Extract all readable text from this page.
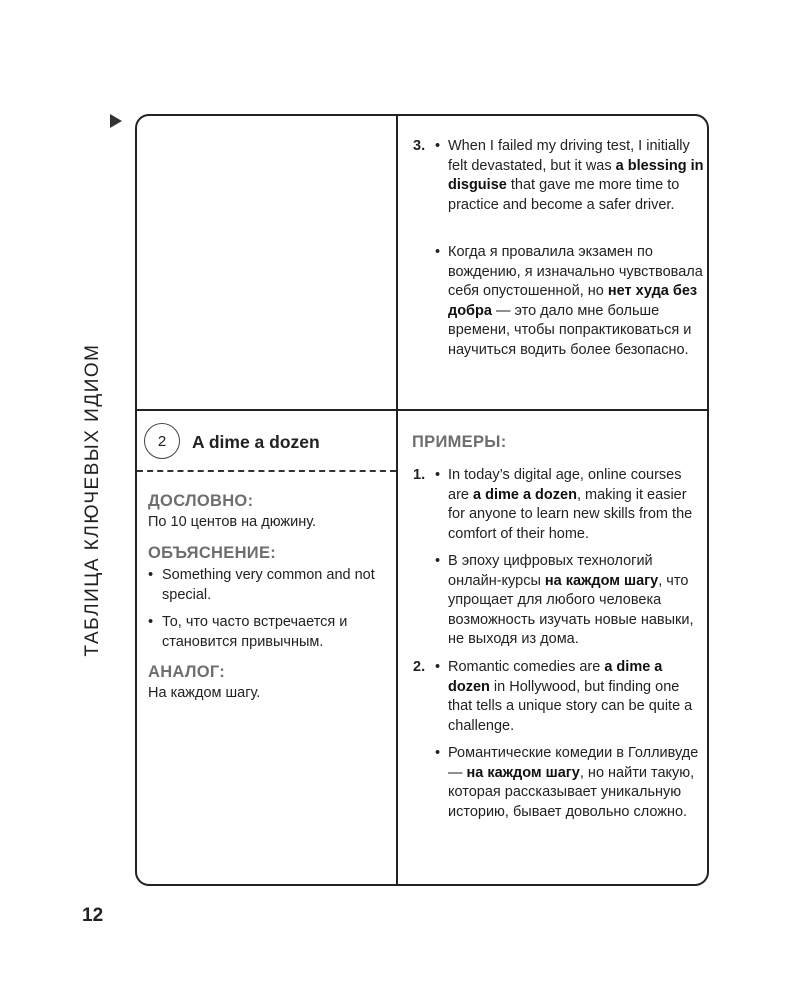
ТАБЛИЦА КЛЮЧЕВЫХ ИДИОМ
12
3. • When I failed my driving test, I initially felt devastated, but it was a blessing in disguise that gave me more time to practice and become a safer driver.
• Когда я провалила экзамен по вождению, я изначально чувствовала себя опустошенной, но нет худа без добра — это дало мне больше времени, чтобы попрактиковаться и научиться водить более безопасно.
2	A dime a dozen
ДОСЛОВНО:
По 10 центов на дюжину.
ОБЪЯСНЕНИЕ:
• Something very common and not special.
• То, что часто встречается и становится привычным.
АНАЛОГ:
На каждом шагу.
ПРИМЕРЫ:
1. • In today’s digital age, online courses are a dime a dozen, making it easier for anyone to learn new skills from the comfort of their home.
• В эпоху цифровых технологий онлайн-курсы на каждом шагу, что упрощает для любого человека возможность изучать новые навыки, не выходя из дома.
2. • Romantic comedies are a dime a dozen in Hollywood, but finding one that tells a unique story can be quite a challenge.
• Романтические комедии в Голливуде — на каждом шагу, но найти такую, которая рассказывает уникальную историю, бывает довольно сложно.
